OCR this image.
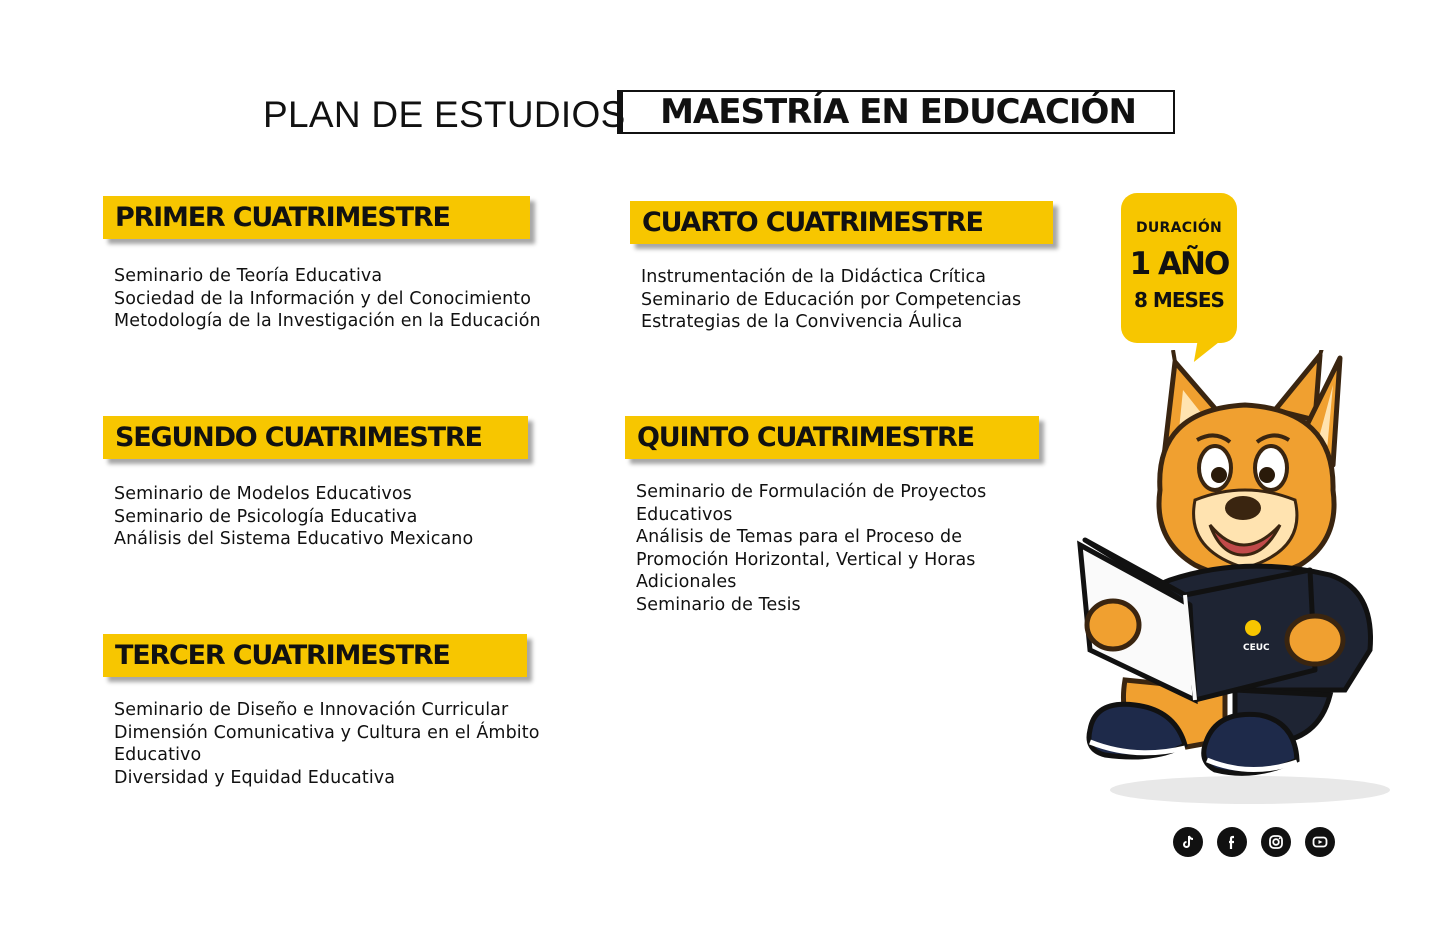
PLAN DE ESTUDIOS MAESTRÍA EN EDUCACIÓN
PRIMER CUATRIMESTRE
Seminario de Teoría Educativa
Sociedad de la Información y del Conocimiento
Metodología de la Investigación en la Educación
SEGUNDO CUATRIMESTRE
Seminario de Modelos Educativos
Seminario de Psicología Educativa
Análisis del Sistema Educativo Mexicano
TERCER CUATRIMESTRE
Seminario de Diseño e Innovación Curricular
Dimensión Comunicativa y Cultura en el Ámbito
Educativo
Diversidad y Equidad Educativa
CUARTO CUATRIMESTRE
Instrumentación de la Didáctica Crítica
Seminario de Educación por Competencias
Estrategias de la Convivencia Áulica
QUINTO CUATRIMESTRE
Seminario de Formulación de Proyectos
Educativos
Análisis de Temas para el Proceso de
Promoción Horizontal, Vertical y Horas
Adicionales
Seminario de Tesis
DURACIÓN
1 AÑO
8 MESES
CEUC
